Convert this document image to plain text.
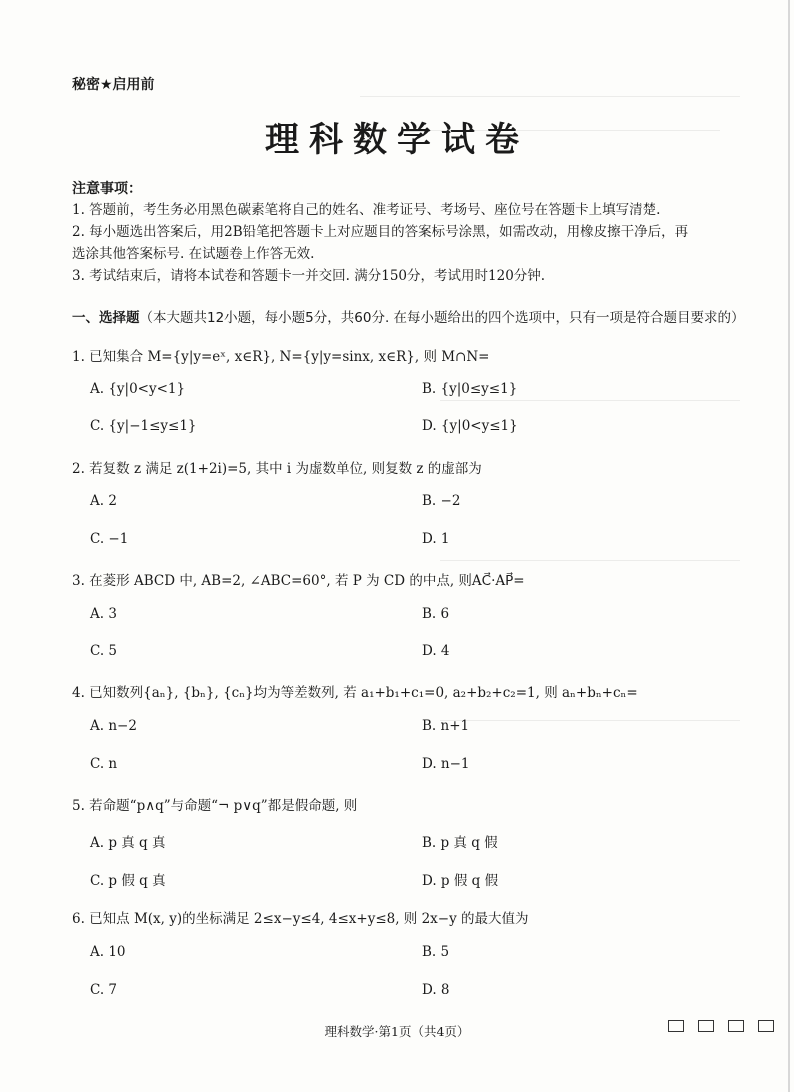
秘密★启用前
理科数学试卷
注意事项：
1. 答题前，考生务必用黑色碳素笔将自己的姓名、准考证号、考场号、座位号在答题卡上填写清楚.
2. 每小题选出答案后，用2B铅笔把答题卡上对应题目的答案标号涂黑，如需改动，用橡皮擦干净后，再
选涂其他答案标号. 在试题卷上作答无效.
3. 考试结束后，请将本试卷和答题卡一并交回. 满分150分，考试用时120分钟.
一、选择题（本大题共12小题，每小题5分，共60分. 在每小题给出的四个选项中，只有一项是符合题目要求的）
1. 已知集合 M={y|y=eˣ, x∈R}, N={y|y=sinx, x∈R}, 则 M∩N=
A. {y|0<y<1}	B. {y|0≤y≤1}
C. {y|−1≤y≤1}	D. {y|0<y≤1}
2. 若复数 z 满足 z(1+2i)=5, 其中 i 为虚数单位, 则复数 z 的虚部为
A. 2	B. −2
C. −1	D. 1
3. 在菱形 ABCD 中, AB=2, ∠ABC=60°, 若 P 为 CD 的中点, 则AC⃗·AP⃗=
A. 3	B. 6
C. 5	D. 4
4. 已知数列{aₙ}, {bₙ}, {cₙ}均为等差数列, 若 a₁+b₁+c₁=0, a₂+b₂+c₂=1, 则 aₙ+bₙ+cₙ=
A. n−2	B. n+1
C. n	D. n−1
5. 若命题“p∧q”与命题“¬ p∨q”都是假命题, 则
A. p 真 q 真	B. p 真 q 假
C. p 假 q 真	D. p 假 q 假
6. 已知点 M(x, y)的坐标满足 2≤x−y≤4, 4≤x+y≤8, 则 2x−y 的最大值为
A. 10	B. 5
C. 7	D. 8
理科数学·第1页（共4页）
